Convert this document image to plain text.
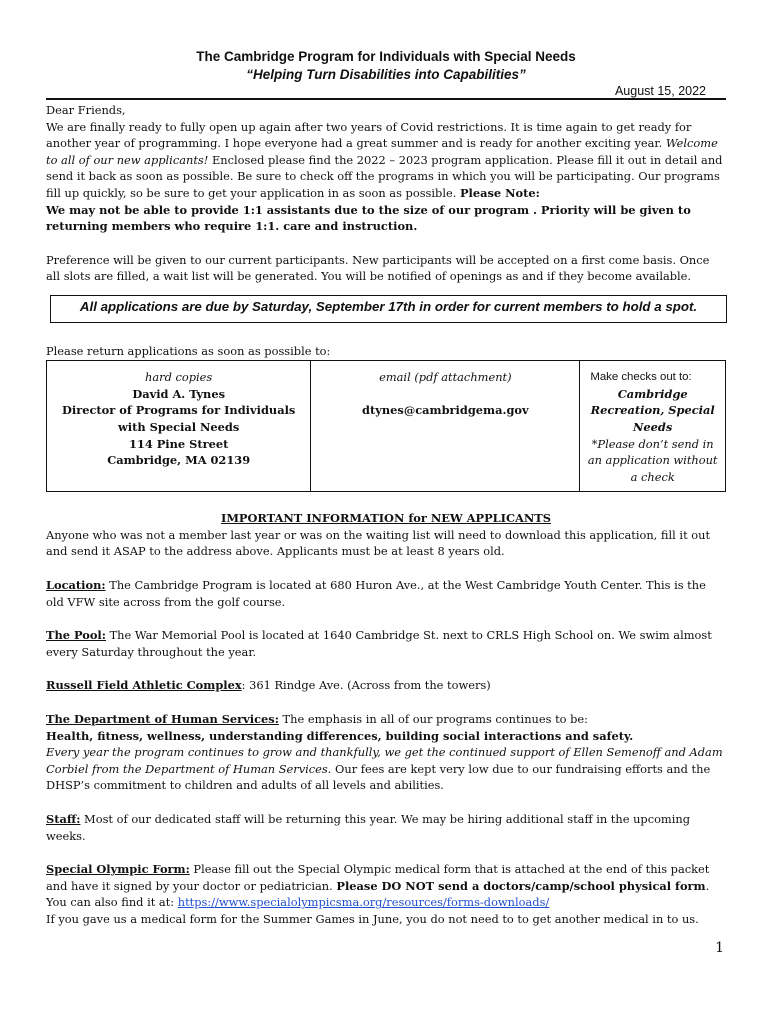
The Cambridge Program for Individuals with Special Needs
“Helping Turn Disabilities into Capabilities”
August 15, 2022

Dear Friends,

We are finally ready to fully open up again after two years of Covid restrictions. It is time again to get ready for another year of programming. I hope everyone had a great summer and is ready for another exciting year. Welcome to all of our new applicants! Enclosed please find the 2022 – 2023 program application. Please fill it out in detail and send it back as soon as possible. Be sure to check off the programs in which you will be participating. Our programs fill up quickly, so be sure to get your application in as soon as possible. Please Note:

We may not be able to provide 1:1 assistants due to the size of our program . Priority will be given to returning members who require 1:1. care and instruction.

Preference will be given to our current participants. New participants will be accepted on a first come basis. Once all slots are filled, a wait list will be generated. You will be notified of openings as and if they become available.

All applications are due by Saturday, September 17th in order for current members to hold a spot.

Please return applications as soon as possible to:

hard copies
David A. Tynes
Director of Programs for Individuals
with Special Needs
114 Pine Street
Cambridge, MA 02139

email (pdf attachment)
dtynes@cambridgema.gov

Make checks out to:
Cambridge Recreation, Special Needs
*Please don’t send in an application without a check
IMPORTANT INFORMATION for NEW APPLICANTS

Anyone who was not a member last year or was on the waiting list will need to download this application, fill it out and send it ASAP to the address above. Applicants must be at least 8 years old.

Location: The Cambridge Program is located at 680 Huron Ave., at the West Cambridge Youth Center. This is the old VFW site across from the golf course.

The Pool: The War Memorial Pool is located at 1640 Cambridge St. next to CRLS High School on. We swim almost every Saturday throughout the year.

Russell Field Athletic Complex: 361 Rindge Ave. (Across from the towers)

The Department of Human Services: The emphasis in all of our programs continues to be:

Health, fitness, wellness, understanding differences, building social interactions and safety.

Every year the program continues to grow and thankfully, we get the continued support of Ellen Semenoff and Adam Corbiel from the Department of Human Services. Our fees are kept very low due to our fundraising efforts and the DHSP’s commitment to children and adults of all levels and abilities.

Staff: Most of our dedicated staff will be returning this year. We may be hiring additional staff in the upcoming weeks.

Special Olympic Form: Please fill out the Special Olympic medical form that is attached at the end of this packet and have it signed by your doctor or pediatrician. Please DO NOT send a doctors/camp/school physical form. You can also find it at: https://www.specialolympicsma.org/resources/forms-downloads/

If you gave us a medical form for the Summer Games in June, you do not need to to get another medical in to us.

1
